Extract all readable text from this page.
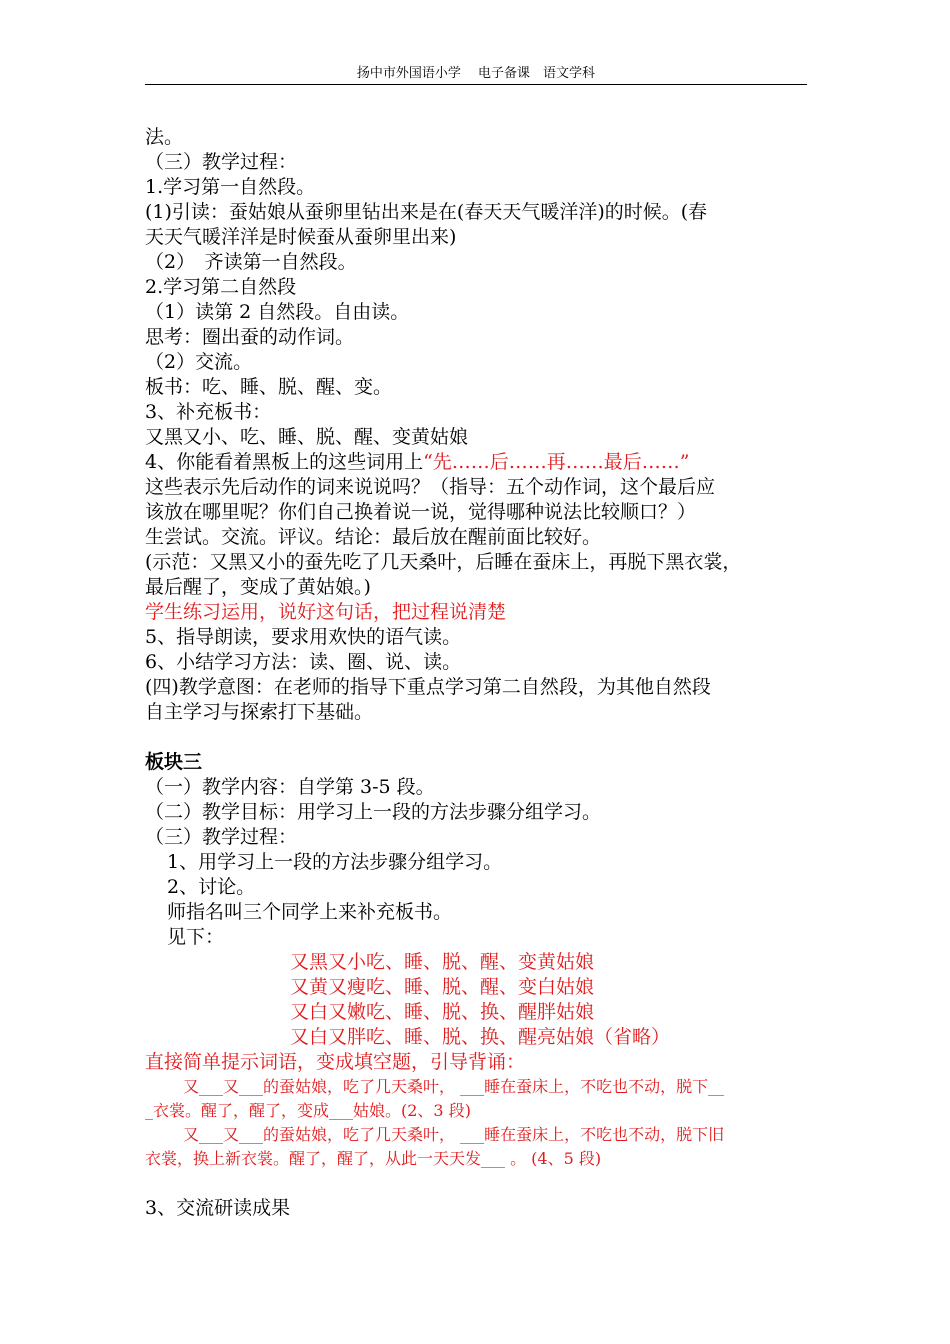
扬中市外国语小学　 电子备课　语文学科
法。
（三）教学过程：
1.学习第一自然段。
(1)引读：蚕姑娘从蚕卵里钻出来是在(春天天气暖洋洋)的时候。(春
天天气暖洋洋是时候蚕从蚕卵里出来)
（2）　齐读第一自然段。
2.学习第二自然段
（1）读第 2 自然段。自由读。
思考：圈出蚕的动作词。
（2）交流。
板书：吃、睡、脱、醒、变。
3、补充板书：
又黑又小、吃、睡、脱、醒、变黄姑娘
4、你能看着黑板上的这些词用上“先……后……再……最后……”
这些表示先后动作的词来说说吗？（指导：五个动作词，这个最后应
该放在哪里呢？你们自己换着说一说，觉得哪种说法比较顺口？）
生尝试。交流。评议。结论：最后放在醒前面比较好。
(示范：又黑又小的蚕先吃了几天桑叶，后睡在蚕床上，再脱下黑衣裳，
最后醒了，变成了黄姑娘。)
学生练习运用，说好这句话，把过程说清楚
5、指导朗读，要求用欢快的语气读。
6、小结学习方法：读、圈、说、读。
(四)教学意图：在老师的指导下重点学习第二自然段，为其他自然段
自主学习与探索打下基础。
板块三
（一）教学内容：自学第 3-5 段。
（二）教学目标：用学习上一段的方法步骤分组学习。
（三）教学过程：
1、用学习上一段的方法步骤分组学习。
2、讨论。
师指名叫三个同学上来补充板书。
见下：
又黑又小吃、睡、脱、醒、变黄姑娘
又黄又瘦吃、睡、脱、醒、变白姑娘
又白又嫩吃、睡、脱、换、醒胖姑娘
又白又胖吃、睡、脱、换、醒亮姑娘（省略）
直接简单提示词语，变成填空题，引导背诵：
又___又___的蚕姑娘，吃了几天桑叶， ___睡在蚕床上，不吃也不动，脱下__
_衣裳。醒了，醒了，变成___姑娘。(2、3 段)
又___又___的蚕姑娘，吃了几天桑叶， ___睡在蚕床上，不吃也不动，脱下旧
衣裳，换上新衣裳。醒了，醒了，从此一天天发___ 。 (4、5 段)
3、交流研读成果
